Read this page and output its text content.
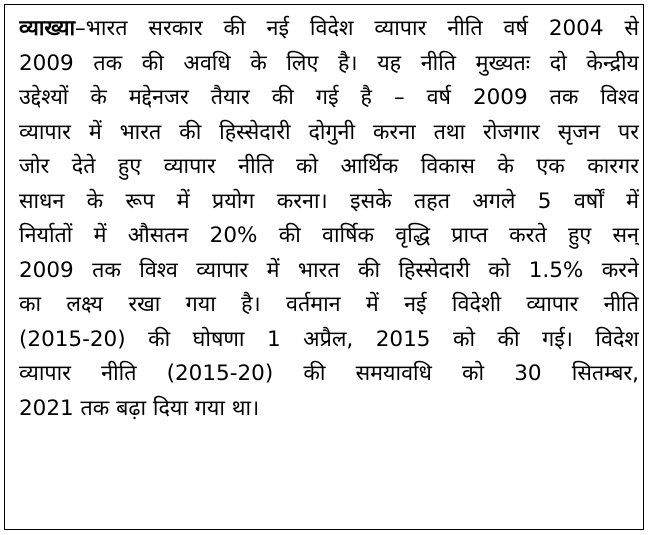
व्याख्या–भारत सरकार की नई विदेश व्यापार नीति वर्ष 2004 से
2009 तक की अवधि के लिए है। यह नीति मुख्यतः दो केन्द्रीय
उद्देश्यों के मद्देनजर तैयार की गई है – वर्ष 2009 तक विश्व
व्यापार में भारत की हिस्सेदारी दोगुनी करना तथा रोजगार सृजन पर
जोर देते हुए व्यापार नीति को आर्थिक विकास के एक कारगर
साधन के रूप में प्रयोग करना। इसके तहत अगले 5 वर्षों में
निर्यातों में औसतन 20% की वार्षिक वृद्धि प्राप्त करते हुए सन्
2009 तक विश्व व्यापार में भारत की हिस्सेदारी को 1.5% करने
का लक्ष्य रखा गया है। वर्तमान में नई विदेशी व्यापार नीति
(2015-20) की घोषणा 1 अप्रैल, 2015 को की गई। विदेश
व्यापार नीति (2015-20) की समयावधि को 30 सितम्बर,
2021 तक बढ़ा दिया गया था।
